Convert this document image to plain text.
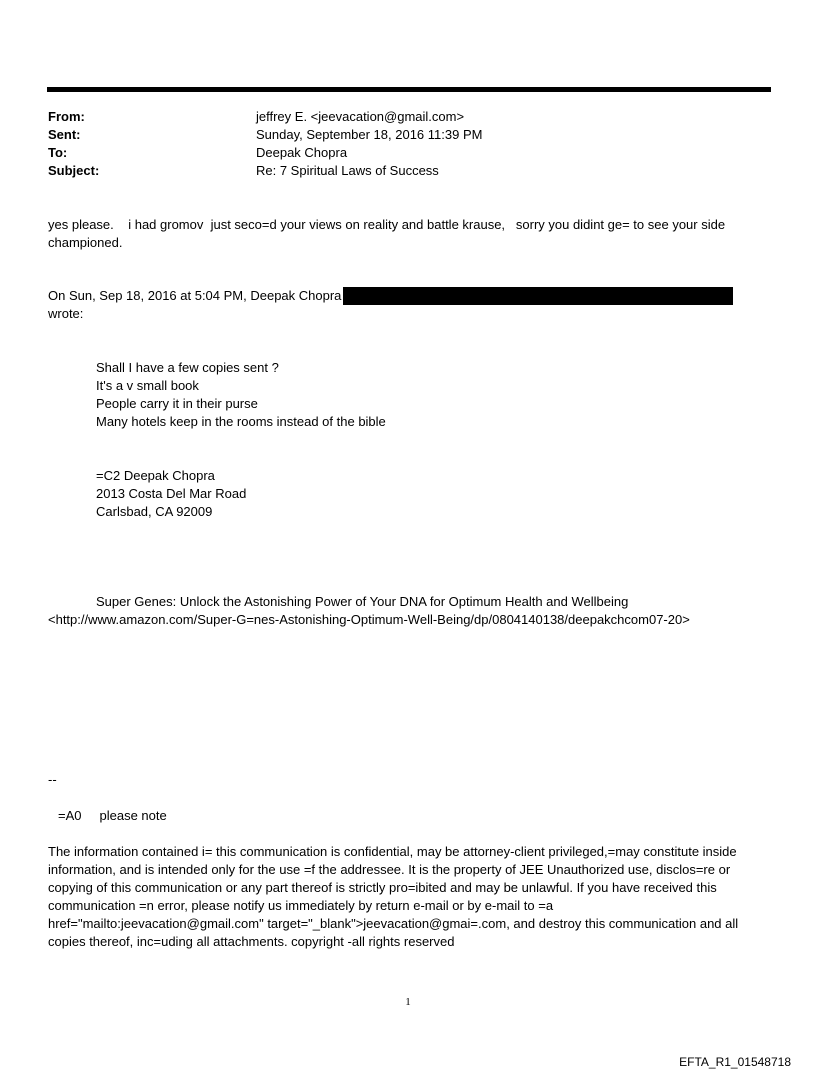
From:	jeffrey E. <jeevacation@gmail.com>
Sent:	Sunday, September 18, 2016 11:39 PM
To:	Deepak Chopra
Subject:	Re: 7 Spiritual Laws of Success
yes please.    i had gromov  just seco=d your views on reality and battle krause,   sorry you didint ge= to see your side championed.
On Sun, Sep 18, 2016 at 5:04 PM, Deepak Chopra
wrote:
Shall I have a few copies sent ?
It's a v small book
People carry it in their purse
Many hotels keep in the rooms instead of the bible
=C2 Deepak Chopra
2013 Costa Del Mar Road
Carlsbad, CA 92009
Super Genes: Unlock the Astonishing Power of Your DNA for Optimum Health and Wellbeing
<http://www.amazon.com/Super-G=nes-Astonishing-Optimum-Well-Being/dp/0804140138/deepakchcom07-20>
--
=A0 please note
The information contained i= this communication is confidential, may be attorney-client privileged,=may constitute inside information, and is intended only for the use =f the addressee. It is the property of JEE Unauthorized use, disclos=re or copying of this communication or any part thereof is strictly pro=ibited and may be unlawful. If you have received this communication =n error, please notify us immediately by return e-mail or by e-mail to =a href="mailto:jeevacation@gmail.com" target="_blank">jeevacation@gmai=.com, and destroy this communication and all copies thereof, inc=uding all attachments. copyright -all rights reserved
1
EFTA_R1_01548718
